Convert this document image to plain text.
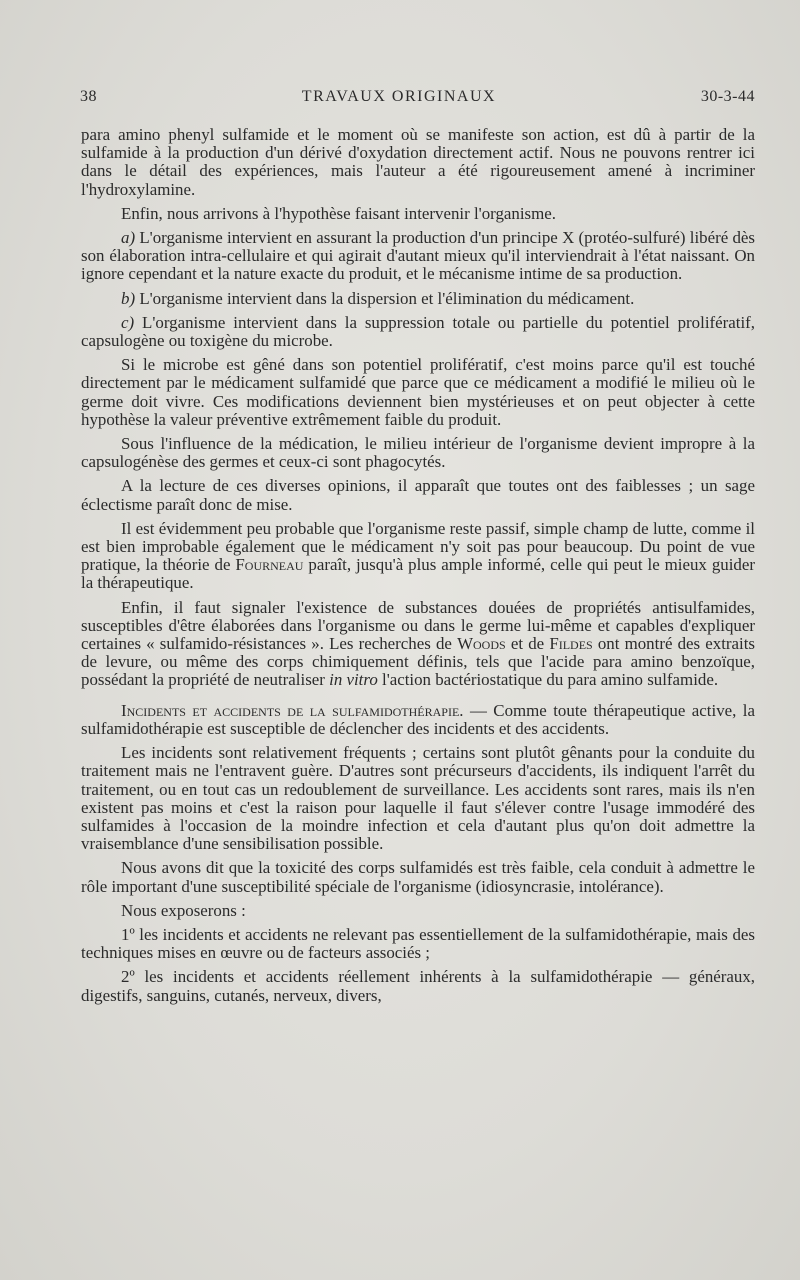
38	TRAVAUX ORIGINAUX	30-3-44

para amino phenyl sulfamide et le moment où se manifeste son action, est dû à partir de la sulfamide à la production d'un dérivé d'oxydation directement actif. Nous ne pouvons rentrer ici dans le détail des expériences, mais l'auteur a été rigoureusement amené à incriminer l'hydroxylamine.

Enfin, nous arrivons à l'hypothèse faisant intervenir l'organisme.

a) L'organisme intervient en assurant la production d'un principe X (protéo-sulfuré) libéré dès son élaboration intra-cellulaire et qui agirait d'autant mieux qu'il interviendrait à l'état naissant. On ignore cependant et la nature exacte du produit, et le mécanisme intime de sa production.

b) L'organisme intervient dans la dispersion et l'élimination du médicament.

c) L'organisme intervient dans la suppression totale ou partielle du potentiel prolifératif, capsulogène ou toxigène du microbe.

Si le microbe est gêné dans son potentiel prolifératif, c'est moins parce qu'il est touché directement par le médicament sulfamidé que parce que ce médicament a modifié le milieu où le germe doit vivre. Ces modifications deviennent bien mystérieuses et on peut objecter à cette hypothèse la valeur préventive extrêmement faible du produit.

Sous l'influence de la médication, le milieu intérieur de l'organisme devient impropre à la capsulogénèse des germes et ceux-ci sont phagocytés.

A la lecture de ces diverses opinions, il apparaît que toutes ont des faiblesses ; un sage éclectisme paraît donc de mise.

Il est évidemment peu probable que l'organisme reste passif, simple champ de lutte, comme il est bien improbable également que le médicament n'y soit pas pour beaucoup. Du point de vue pratique, la théorie de Fourneau paraît, jusqu'à plus ample informé, celle qui peut le mieux guider la thérapeutique.

Enfin, il faut signaler l'existence de substances douées de propriétés antisulfamides, susceptibles d'être élaborées dans l'organisme ou dans le germe lui-même et capables d'expliquer certaines « sulfamido-résistances ». Les recherches de Woods et de Fildes ont montré des extraits de levure, ou même des corps chimiquement définis, tels que l'acide para amino benzoïque, possédant la propriété de neutraliser in vitro l'action bactériostatique du para amino sulfamide.

Incidents et accidents de la sulfamidothérapie. — Comme toute thérapeutique active, la sulfamidothérapie est susceptible de déclencher des incidents et des accidents.

Les incidents sont relativement fréquents ; certains sont plutôt gênants pour la conduite du traitement mais ne l'entravent guère. D'autres sont précurseurs d'accidents, ils indiquent l'arrêt du traitement, ou en tout cas un redoublement de surveillance. Les accidents sont rares, mais ils n'en existent pas moins et c'est la raison pour laquelle il faut s'élever contre l'usage immodéré des sulfamides à l'occasion de la moindre infection et cela d'autant plus qu'on doit admettre la vraisemblance d'une sensibilisation possible.

Nous avons dit que la toxicité des corps sulfamidés est très faible, cela conduit à admettre le rôle important d'une susceptibilité spéciale de l'organisme (idiosyncrasie, intolérance).

Nous exposerons :

1º les incidents et accidents ne relevant pas essentiellement de la sulfamidothérapie, mais des techniques mises en œuvre ou de facteurs associés ;

2º les incidents et accidents réellement inhérents à la sulfamidothérapie — généraux, digestifs, sanguins, cutanés, nerveux, divers,
